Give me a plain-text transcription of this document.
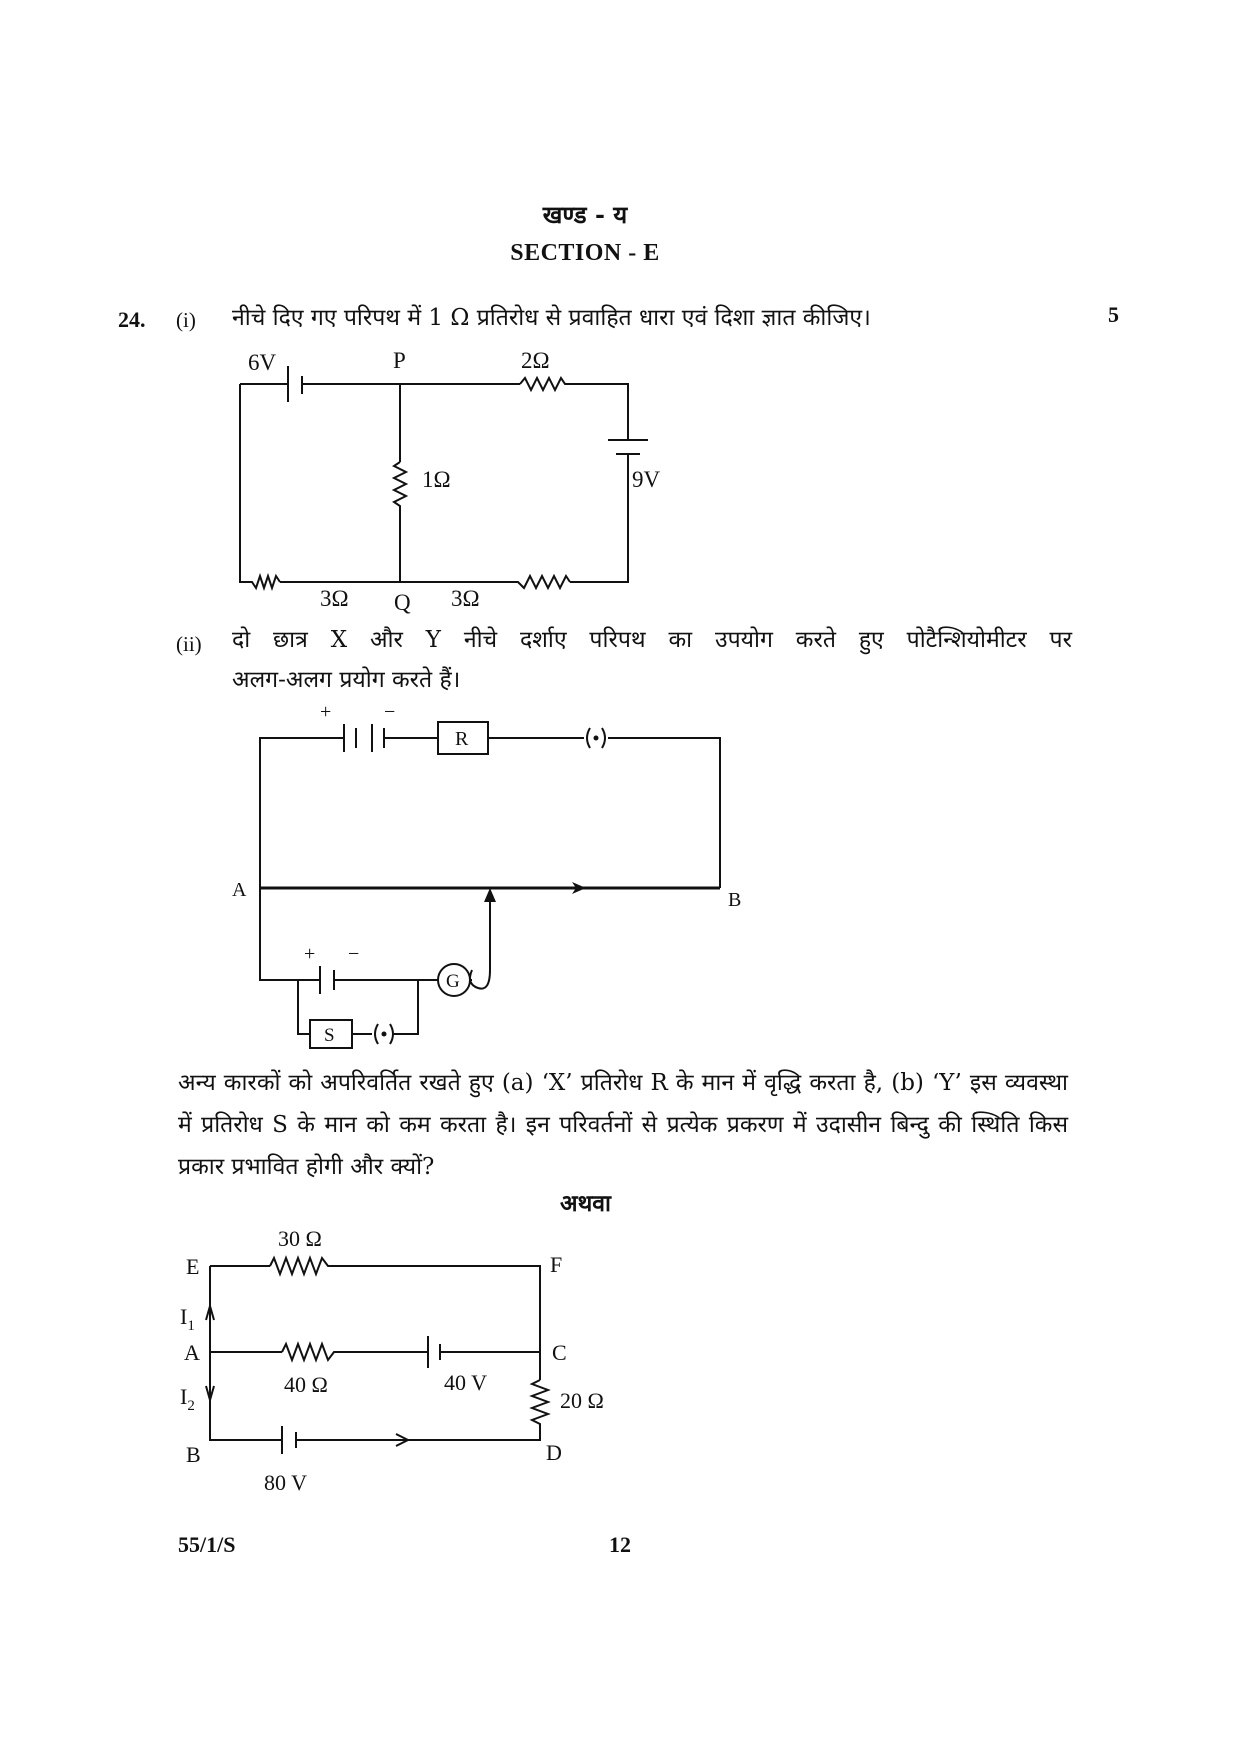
खण्ड - य
SECTION - E
24. (i) नीचे दिए गए परिपथ में 1 Ω प्रतिरोध से प्रवाहित धारा एवं दिशा ज्ञात कीजिए।	5
6V	P	2Ω
1Ω	9V
3Ω Q 3Ω
+	−
R
A	B
+ −
G
S
30 Ω
E	F
$I_1$
A	C
40 Ω	40 V
$I_2$	20 Ω
B	D
80 V
(ii) दो छात्र X और Y नीचे दर्शाए परिपथ का उपयोग करते हुए पोटैन्शियोमीटर पर
अलग-अलग प्रयोग करते हैं।
अन्य कारकों को अपरिवर्तित रखते हुए (a) ‘X’ प्रतिरोध R के मान में वृद्धि करता है, (b) ‘Y’ इस व्यवस्था में प्रतिरोध S के मान को कम करता है। इन परिवर्तनों से प्रत्येक प्रकरण में उदासीन बिन्दु की स्थिति किस प्रकार प्रभावित होगी और क्यों?
अथवा
55/1/S	12
